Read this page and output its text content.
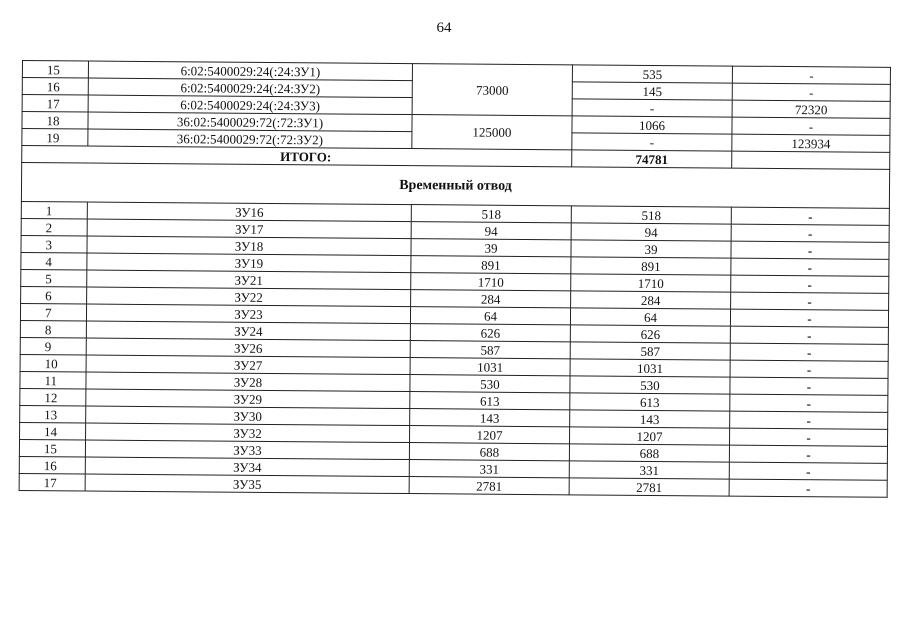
64
15	6:02:5400029:24(:24:ЗУ1)	73000	535	-
16	6:02:5400029:24(:24:ЗУ2)		145	-
17	6:02:5400029:24(:24:ЗУ3)		-	72320
18	36:02:5400029:72(:72:ЗУ1)	125000	1066	-
19	36:02:5400029:72(:72:ЗУ2)		-	123934
ИТОГО:			74781	
Временный отвод				
1	ЗУ16	518	518	-
2	ЗУ17	94	94	-
3	ЗУ18	39	39	-
4	ЗУ19	891	891	-
5	ЗУ21	1710	1710	-
6	ЗУ22	284	284	-
7	ЗУ23	64	64	-
8	ЗУ24	626	626	-
9	ЗУ26	587	587	-
10	ЗУ27	1031	1031	-
11	ЗУ28	530	530	-
12	ЗУ29	613	613	-
13	ЗУ30	143	143	-
14	ЗУ32	1207	1207	-
15	ЗУ33	688	688	-
16	ЗУ34	331	331	-
17	ЗУ35	2781	2781	-
